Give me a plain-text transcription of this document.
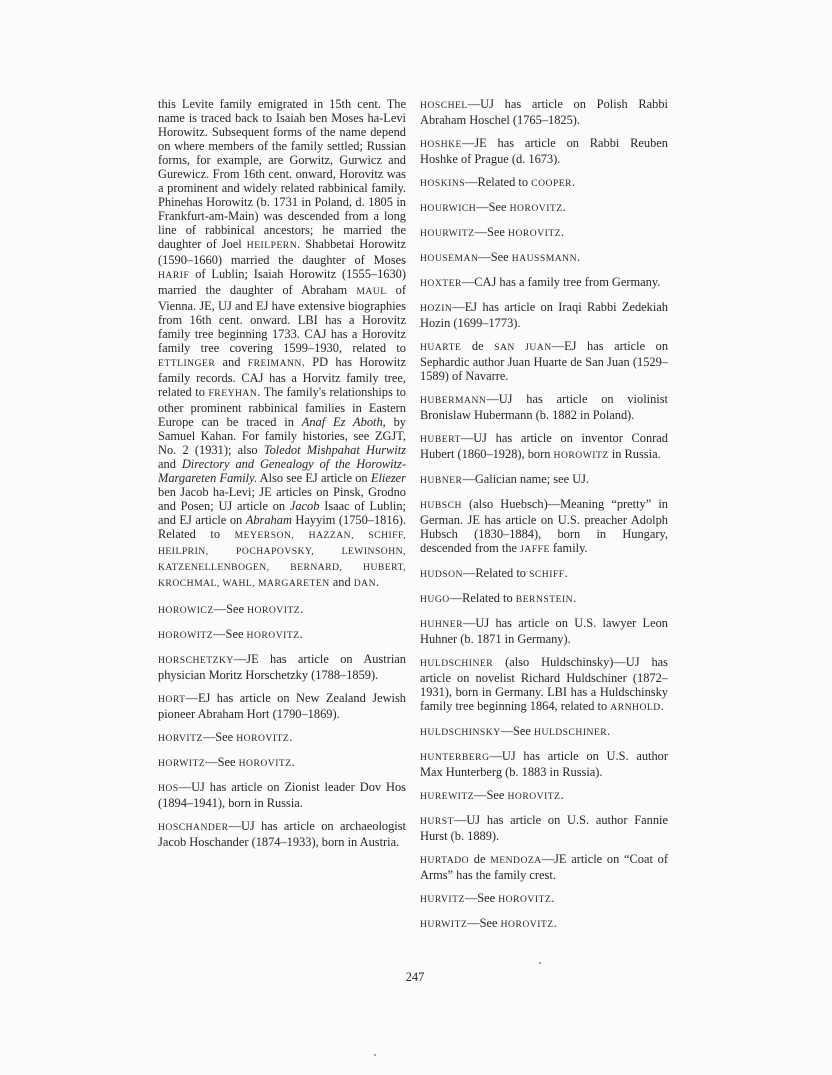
this Levite family emigrated in 15th cent. The name is traced back to Isaiah ben Moses ha-Levi Horowitz. Subsequent forms of the name depend on where members of the family settled; Russian forms, for example, are Gorwitz, Gurwicz and Gurewicz. From 16th cent. onward, Horovitz was a prominent and widely related rabbinical family. Phinehas Horowitz (b. 1731 in Poland, d. 1805 in Frankfurt-am-Main) was descended from a long line of rabbinical ancestors; he married the daughter of Joel HEILPERN. Shabbetai Horowitz (1590–1660) married the daughter of Moses HARIF of Lublin; Isaiah Horowitz (1555–1630) married the daughter of Abraham MAUL of Vienna. JE, UJ and EJ have extensive biographies from 16th cent. onward. LBI has a Horovitz family tree beginning 1733. CAJ has a Horovitz family tree covering 1599–1930, related to ETTLINGER and FREIMANN. PD has Horowitz family records. CAJ has a Horvitz family tree, related to FREYHAN. The family's relationships to other prominent rabbinical families in Eastern Europe can be traced in Anaf Ez Aboth, by Samuel Kahan. For family histories, see ZGJT, No. 2 (1931); also Toledot Mishpahat Hurwitz and Directory and Genealogy of the Horowitz-Margareten Family. Also see EJ article on Eliezer ben Jacob ha-Levi; JE articles on Pinsk, Grodno and Posen; UJ article on Jacob Isaac of Lublin; and EJ article on Abraham Hayyim (1750–1816). Related to MEYERSON, HAZZAN, SCHIFF, HEILPRIN, POCHAPOVSKY, LEWINSOHN, KATZENELLENBOGEN, BERNARD, HUBERT, KROCHMAL, WAHL, MARGARETEN and DAN.

HOROWICZ—See HOROVITZ.

HOROWITZ—See HOROVITZ.

HORSCHETZKY—JE has article on Austrian physician Moritz Horschetzky (1788–1859).

HORT—EJ has article on New Zealand Jewish pioneer Abraham Hort (1790–1869).

HORVITZ—See HOROVITZ.

HORWITZ—See HOROVITZ.

HOS—UJ has article on Zionist leader Dov Hos (1894–1941), born in Russia.

HOSCHANDER—UJ has article on archaeologist Jacob Hoschander (1874–1933), born in Austria.

HOSCHEL—UJ has article on Polish Rabbi Abraham Hoschel (1765–1825).

HOSHKE—JE has article on Rabbi Reuben Hoshke of Prague (d. 1673).

HOSKINS—Related to COOPER.

HOURWICH—See HOROVITZ.

HOURWITZ—See HOROVITZ.

HOUSEMAN—See HAUSSMANN.

HOXTER—CAJ has a family tree from Germany.

HOZIN—EJ has article on Iraqi Rabbi Zedekiah Hozin (1699–1773).

HUARTE de SAN JUAN—EJ has article on Sephardic author Juan Huarte de San Juan (1529–1589) of Navarre.

HUBERMANN—UJ has article on violinist Bronislaw Hubermann (b. 1882 in Poland).

HUBERT—UJ has article on inventor Conrad Hubert (1860–1928), born HOROWITZ in Russia.

HUBNER—Galician name; see UJ.

HUBSCH (also Huebsch)—Meaning “pretty” in German. JE has article on U.S. preacher Adolph Hubsch (1830–1884), born in Hungary, descended from the JAFFE family.

HUDSON—Related to SCHIFF.

HUGO—Related to BERNSTEIN.

HUHNER—UJ has article on U.S. lawyer Leon Huhner (b. 1871 in Germany).

HULDSCHINER (also Huldschinsky)—UJ has article on novelist Richard Huldschiner (1872–1931), born in Germany. LBI has a Huldschinsky family tree beginning 1864, related to ARNHOLD.

HULDSCHINSKY—See HULDSCHINER.

HUNTERBERG—UJ has article on U.S. author Max Hunterberg (b. 1883 in Russia).

HUREWITZ—See HOROVITZ.

HURST—UJ has article on U.S. author Fannie Hurst (b. 1889).

HURTADO de MENDOZA—JE article on “Coat of Arms” has the family crest.

HURVITZ—See HOROVITZ.

HURWITZ—See HOROVITZ.

247
